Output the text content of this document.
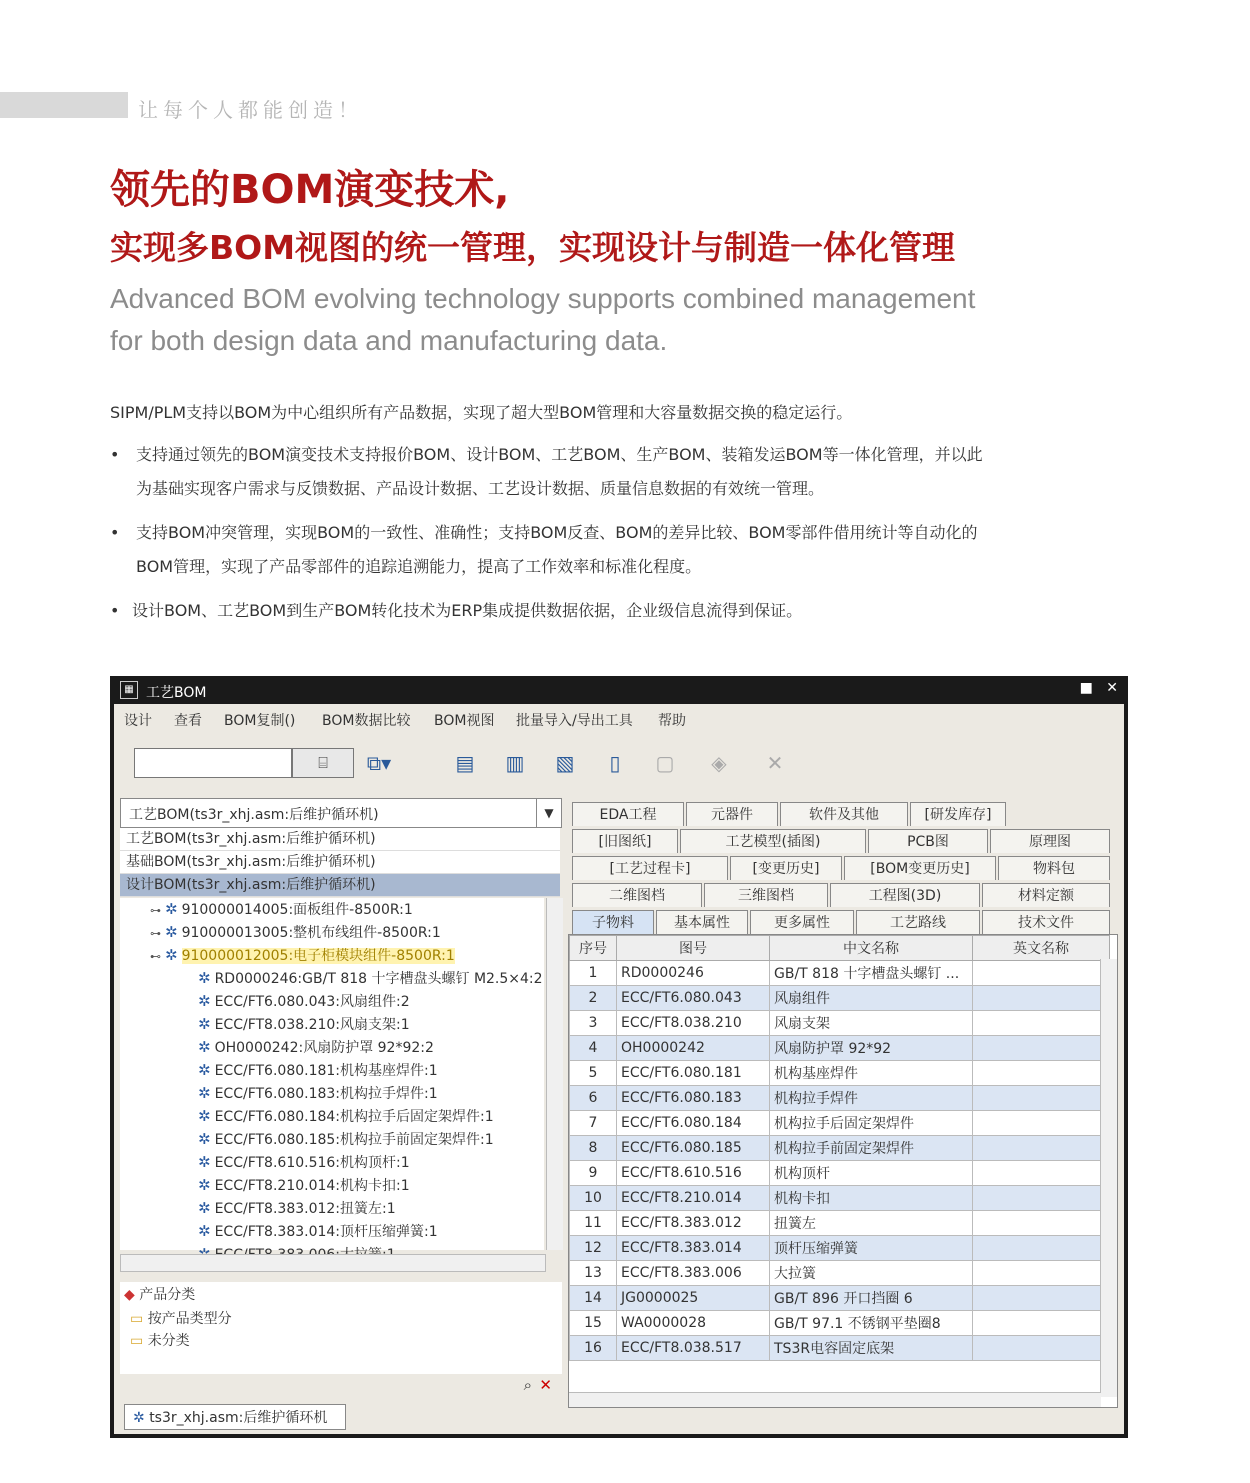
让每个人都能创造！
领先的BOM演变技术,
实现多BOM视图的统一管理，实现设计与制造一体化管理
Advanced BOM evolving technology supports combined management
for both design data and manufacturing data.
SIPM/PLM支持以BOM为中心组织所有产品数据，实现了超大型BOM管理和大容量数据交换的稳定运行。
• 支持通过领先的BOM演变技术支持报价BOM、设计BOM、工艺BOM、生产BOM、装箱发运BOM等一体化管理，并以此
为基础实现客户需求与反馈数据、产品设计数据、工艺设计数据、质量信息数据的有效统一管理。
• 支持BOM冲突管理，实现BOM的一致性、准确性；支持BOM反查、BOM的差异比较、BOM零部件借用统计等自动化的
BOM管理，实现了产品零部件的追踪追溯能力，提高了工作效率和标准化程度。
• 设计BOM、工艺BOM到生产BOM转化技术为ERP集成提供数据依据，企业级信息流得到保证。
▦ 工艺BOM	■ ✕
设计 查看 BOM复制() BOM数据比较 BOM视图 批量导入/导出工具 帮助
⌸	⧉▾	▤ ▥ ▧	▯	▢	◈	✕
工艺BOM(ts3r_xhj.asm:后维护循环机)	▼
工艺BOM(ts3r_xhj.asm:后维护循环机)
基础BOM(ts3r_xhj.asm:后维护循环机)
设计BOM(ts3r_xhj.asm:后维护循环机)
⊶ ✲ 910000014005:面板组件-8500R:1
⊶ ✲ 910000013005:整机布线组件-8500R:1
⊷ ✲ 910000012005:电子柜模块组件-8500R:1
✲ RD0000246:GB/T 818 十字槽盘头螺钉 M2.5×4:2
✲ ECC/FT6.080.043:风扇组件:2
✲ ECC/FT8.038.210:风扇支架:1
✲ OH0000242:风扇防护罩 92*92:2
✲ ECC/FT6.080.181:机构基座焊件:1
✲ ECC/FT6.080.183:机构拉手焊件:1
✲ ECC/FT6.080.184:机构拉手后固定架焊件:1
✲ ECC/FT6.080.185:机构拉手前固定架焊件:1
✲ ECC/FT8.610.516:机构顶杆:1
✲ ECC/FT8.210.014:机构卡扣:1
✲ ECC/FT8.383.012:扭簧左:1
✲ ECC/FT8.383.014:顶杆压缩弹簧:1
◆ 产品分类
▭ 按产品类型分
▭ 未分类
⌕ ✕
✲ ts3r_xhj.asm:后维护循环机
EDA工程	元器件	软件及其他	[研发库存]
[旧图纸]	工艺模型(插图)	PCB图	原理图
[工艺过程卡]	[变更历史]	[BOM变更历史]	物料包
二维图档	三维图档	工程图(3D)	材料定额
子物料	基本属性	更多属性	工艺路线	技术文件
序号	图号	中文名称	英文名称
1	RD0000246	GB/T 818 十字槽盘头螺钉 ...	
2	ECC/FT6.080.043	风扇组件	
3	ECC/FT8.038.210	风扇支架	
4	OH0000242	风扇防护罩 92*92	
5	ECC/FT6.080.181	机构基座焊件	
6	ECC/FT6.080.183	机构拉手焊件	
7	ECC/FT6.080.184	机构拉手后固定架焊件	
8	ECC/FT6.080.185	机构拉手前固定架焊件	
9	ECC/FT8.610.516	机构顶杆	
10	ECC/FT8.210.014	机构卡扣	
11	ECC/FT8.383.012	扭簧左	
12	ECC/FT8.383.014	顶杆压缩弹簧	
13	ECC/FT8.383.006	大拉簧	
14	JG0000025	GB/T 896 开口挡圈 6	
15	WA0000028	GB/T 97.1 不锈钢平垫圈8	
16	ECC/FT8.038.517	TS3R电容固定底架	
